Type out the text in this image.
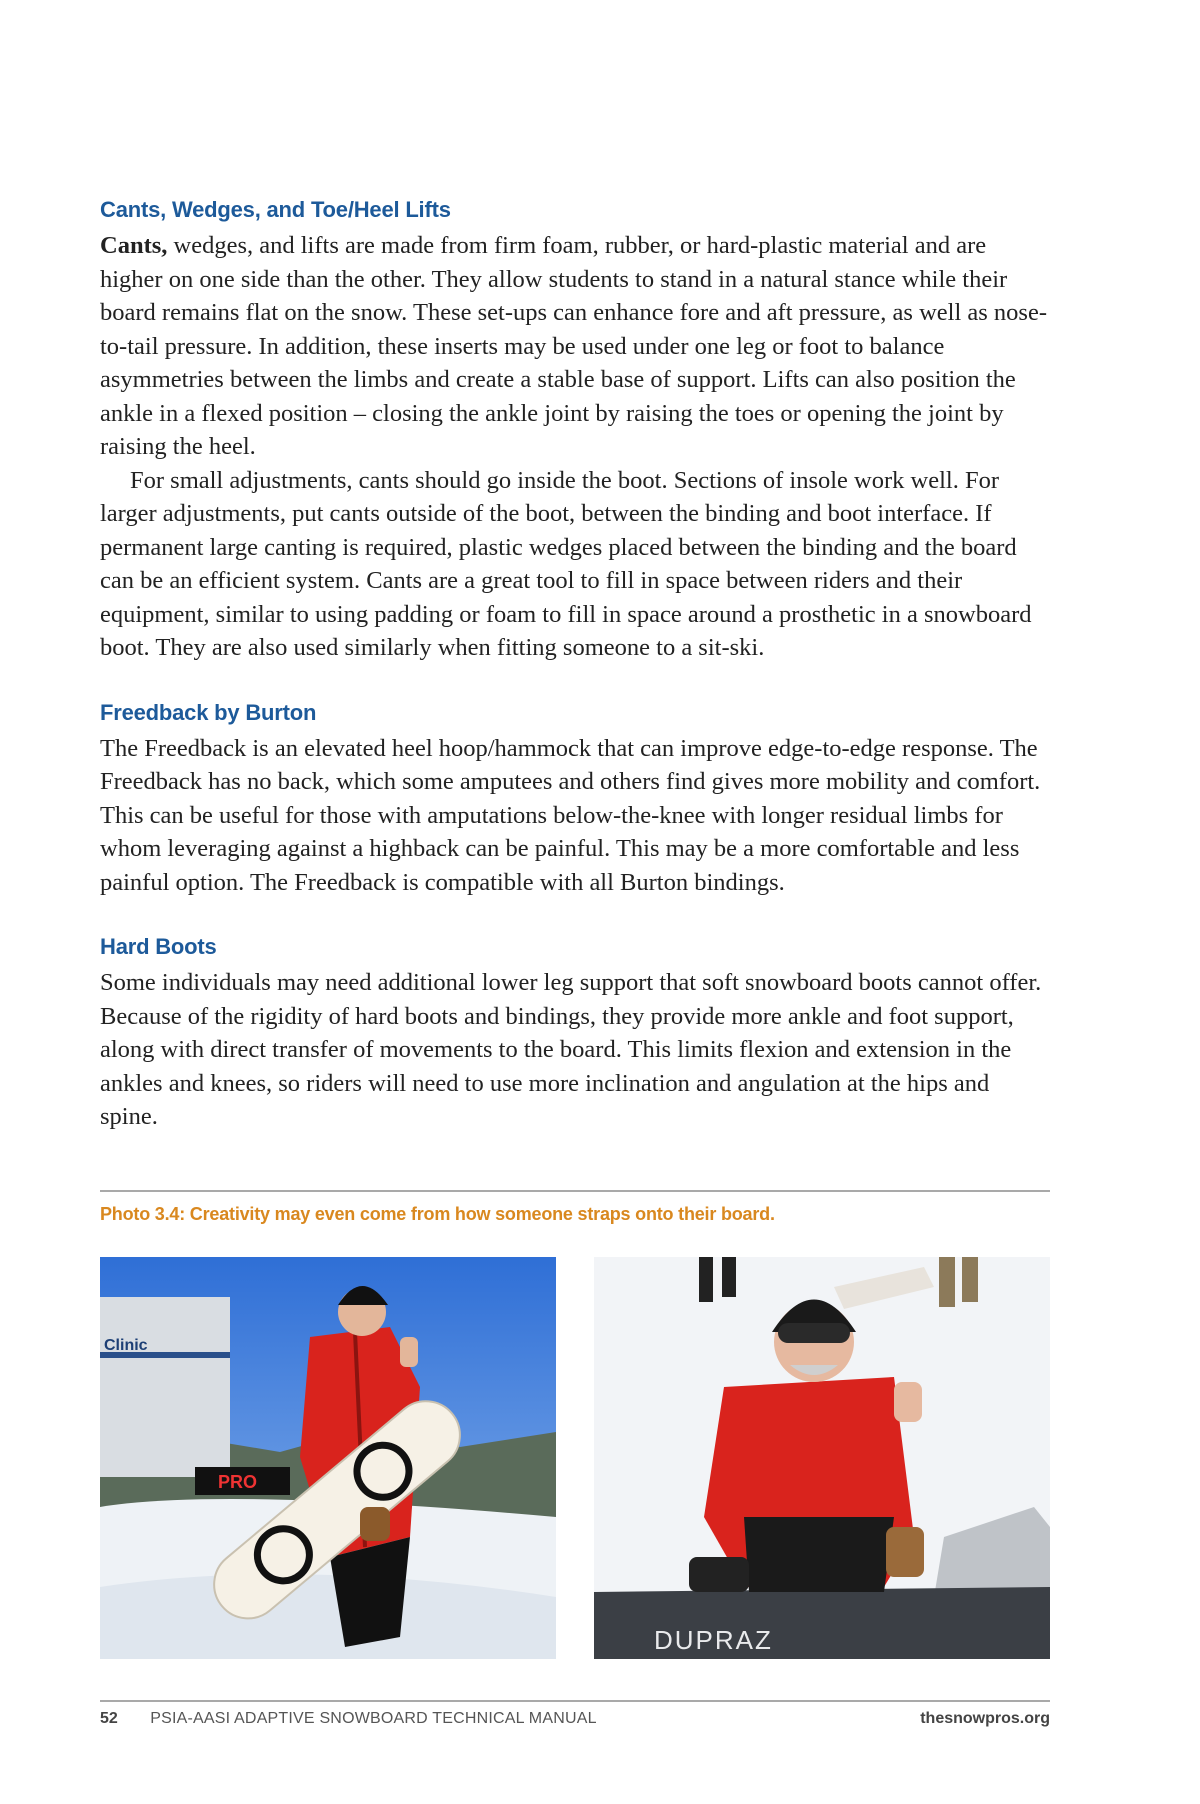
Cants, Wedges, and Toe/Heel Lifts

Cants, wedges, and lifts are made from firm foam, rubber, or hard-plastic material and are higher on one side than the other. They allow students to stand in a natural stance while their board remains flat on the snow. These set-ups can enhance fore and aft pressure, as well as nose-to-tail pressure. In addition, these inserts may be used under one leg or foot to balance asymmetries between the limbs and create a stable base of support. Lifts can also position the ankle in a flexed position – closing the ankle joint by raising the toes or opening the joint by raising the heel.

For small adjustments, cants should go inside the boot. Sections of insole work well. For larger adjustments, put cants outside of the boot, between the binding and boot interface. If permanent large canting is required, plastic wedges placed between the binding and the board can be an efficient system. Cants are a great tool to fill in space between riders and their equipment, similar to using padding or foam to fill in space around a prosthetic in a snowboard boot. They are also used similarly when fitting someone to a sit-ski.

Freedback by Burton

The Freedback is an elevated heel hoop/hammock that can improve edge-to-edge response. The Freedback has no back, which some amputees and others find gives more mobility and comfort. This can be useful for those with amputations below-the-knee with longer residual limbs for whom leveraging against a highback can be painful. This may be a more comfortable and less painful option. The Freedback is compatible with all Burton bindings.

Hard Boots

Some individuals may need additional lower leg support that soft snowboard boots cannot offer. Because of the rigidity of hard boots and bindings, they provide more ankle and foot support, along with direct transfer of movements to the board. This limits flexion and extension in the ankles and knees, so riders will need to use more inclination and angulation at the hips and spine.

Photo 3.4: Creativity may even come from how someone straps onto their board.
Clinic
PRO
DUPRAZ
52 PSIA-AASI ADAPTIVE SNOWBOARD TECHNICAL MANUAL	thesnowpros.org
